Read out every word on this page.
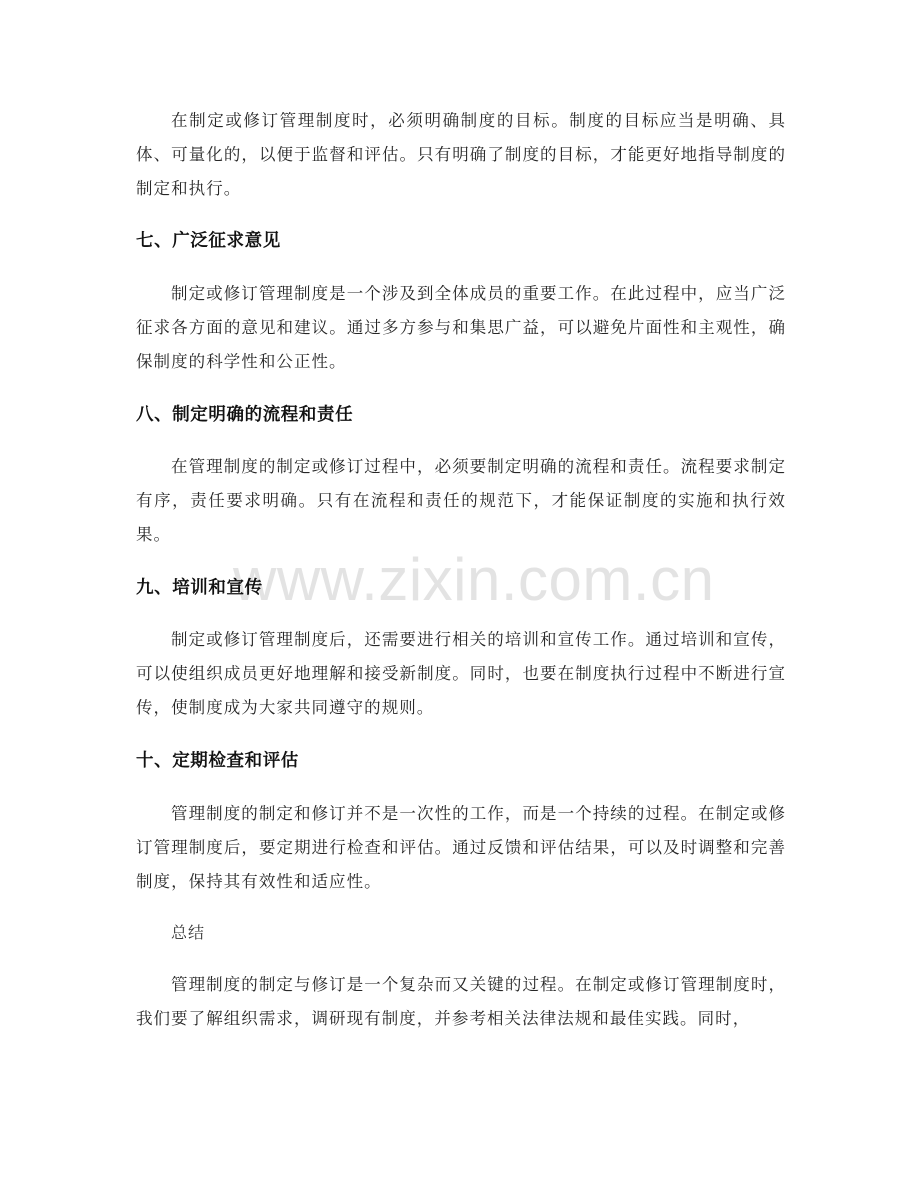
www.zixin.com.cn

在制定或修订管理制度时，必须明确制度的目标。制度的目标应当是明确、具体、可量化的，以便于监督和评估。只有明确了制度的目标，才能更好地指导制度的制定和执行。

七、广泛征求意见

制定或修订管理制度是一个涉及到全体成员的重要工作。在此过程中，应当广泛征求各方面的意见和建议。通过多方参与和集思广益，可以避免片面性和主观性，确保制度的科学性和公正性。

八、制定明确的流程和责任

在管理制度的制定或修订过程中，必须要制定明确的流程和责任。流程要求制定有序，责任要求明确。只有在流程和责任的规范下，才能保证制度的实施和执行效果。

九、培训和宣传

制定或修订管理制度后，还需要进行相关的培训和宣传工作。通过培训和宣传，可以使组织成员更好地理解和接受新制度。同时，也要在制度执行过程中不断进行宣传，使制度成为大家共同遵守的规则。

十、定期检查和评估

管理制度的制定和修订并不是一次性的工作，而是一个持续的过程。在制定或修订管理制度后，要定期进行检查和评估。通过反馈和评估结果，可以及时调整和完善制度，保持其有效性和适应性。

总结

管理制度的制定与修订是一个复杂而又关键的过程。在制定或修订管理制度时，我们要了解组织需求，调研现有制度，并参考相关法律法规和最佳实践。同时，
